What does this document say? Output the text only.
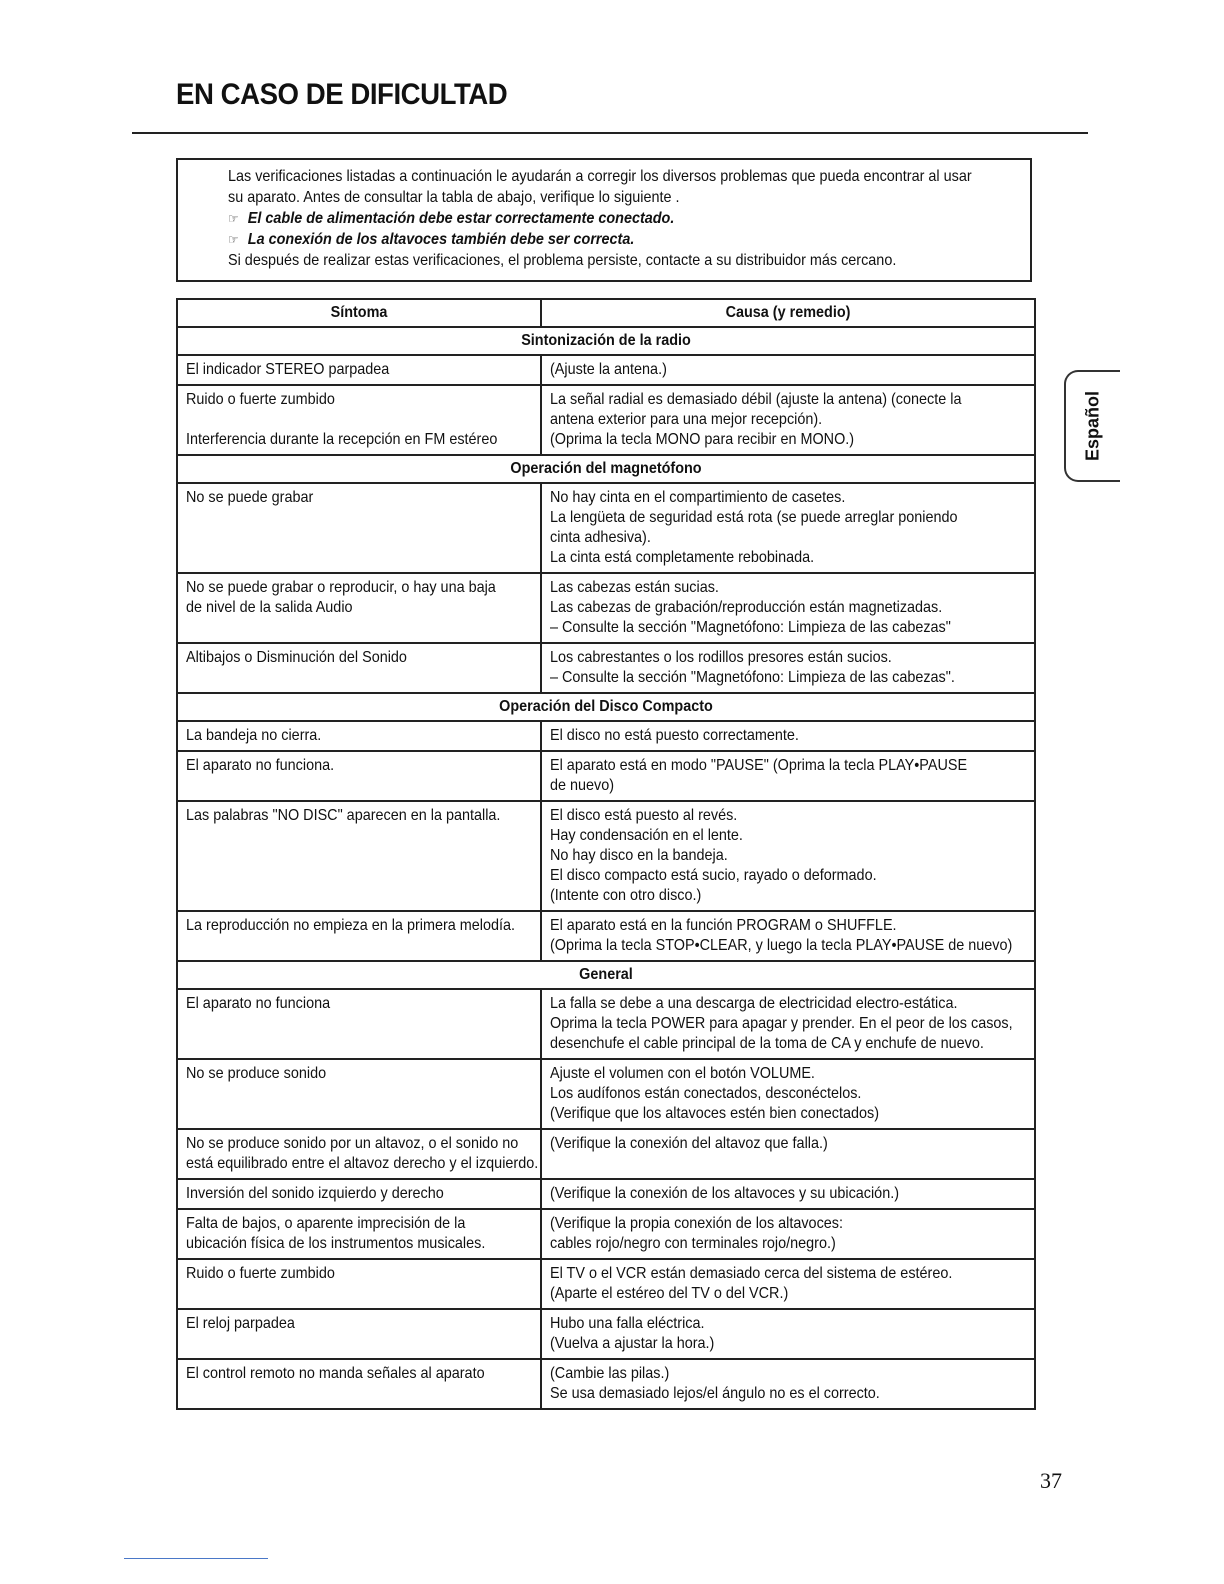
EN CASO DE DIFICULTAD

Las verificaciones listadas a continuación le ayudarán a corregir los diversos problemas que pueda encontrar al usar

su aparato. Antes de consultar la tabla de abajo, verifique lo siguiente .

☞ El cable de alimentación debe estar correctamente conectado.

☞ La conexión de los altavoces también debe ser correcta.

Si después de realizar estas verificaciones, el problema persiste, contacte a su distribuidor más cercano.

Síntoma	Causa (y remedio)

Sintonización de la radio	

El indicador STEREO parpadea	(Ajuste la antena.)

Ruido o fuerte zumbido

Interferencia durante la recepción en FM estéreo	La señal radial es demasiado débil (ajuste la antena) (conecte la
antena exterior para una mejor recepción).
(Oprima la tecla MONO para recibir en MONO.)

Operación del magnetófono	

No se puede grabar	No hay cinta en el compartimiento de casetes.
La lengüeta de seguridad está rota (se puede arreglar poniendo
cinta adhesiva).
La cinta está completamente rebobinada.

No se puede grabar o reproducir, o hay una baja
de nivel de la salida Audio	Las cabezas están sucias.
Las cabezas de grabación/reproducción están magnetizadas.
– Consulte la sección "Magnetófono: Limpieza de las cabezas"

Altibajos o Disminución del Sonido	Los cabrestantes o los rodillos presores están sucios.
– Consulte la sección "Magnetófono: Limpieza de las cabezas".

Operación del Disco Compacto	

La bandeja no cierra.	El disco no está puesto correctamente.

El aparato no funciona.	El aparato está en modo "PAUSE" (Oprima la tecla PLAY•PAUSE
de nuevo)

Las palabras "NO DISC" aparecen en la pantalla.	El disco está puesto al revés.
Hay condensación en el lente.
No hay disco en la bandeja.
El disco compacto está sucio, rayado o deformado.
(Intente con otro disco.)

La reproducción no empieza en la primera melodía.	El aparato está en la función PROGRAM o SHUFFLE.
(Oprima la tecla STOP•CLEAR, y luego la tecla PLAY•PAUSE de nuevo)

General	

El aparato no funciona	La falla se debe a una descarga de electricidad electro-estática.
Oprima la tecla POWER para apagar y prender. En el peor de los casos,
desenchufe el cable principal de la toma de CA y enchufe de nuevo.

No se produce sonido	Ajuste el volumen con el botón VOLUME.
Los audífonos están conectados, desconéctelos.
(Verifique que los altavoces estén bien conectados)

No se produce sonido por un altavoz, o el sonido no
está equilibrado entre el altavoz derecho y el izquierdo.	(Verifique la conexión del altavoz que falla.)

Inversión del sonido izquierdo y derecho	(Verifique la conexión de los altavoces y su ubicación.)

Falta de bajos, o aparente imprecisión de la
ubicación física de los instrumentos musicales.	(Verifique la propia conexión de los altavoces:
cables rojo/negro con terminales rojo/negro.)

Ruido o fuerte zumbido	El TV o el VCR están demasiado cerca del sistema de estéreo.
(Aparte el estéreo del TV o del VCR.)

El reloj parpadea	Hubo una falla eléctrica.
(Vuelva a ajustar la hora.)

El control remoto no manda señales al aparato	(Cambie las pilas.)
Se usa demasiado lejos/el ángulo no es el correcto.
Español
37
